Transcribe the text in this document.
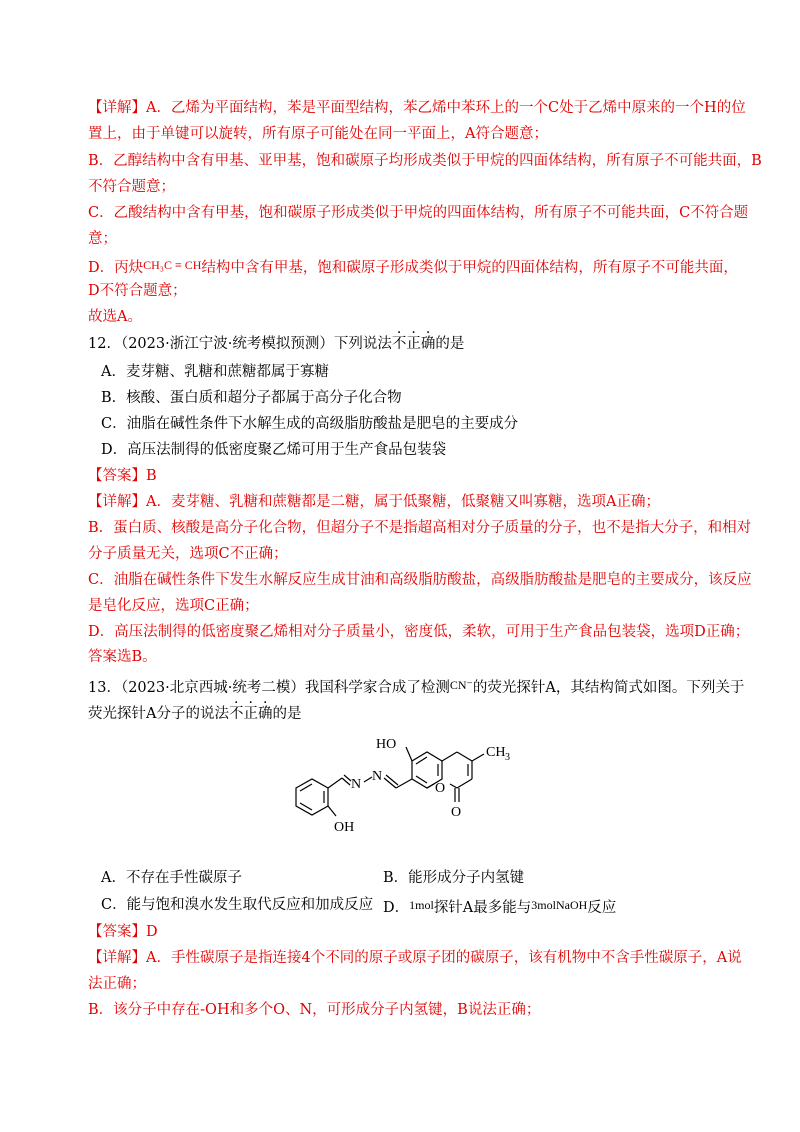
【详解】A．乙烯为平面结构，苯是平面型结构，苯乙烯中苯环上的一个C处于乙烯中原来的一个H的位
置上，由于单键可以旋转，所有原子可能处在同一平面上，A符合题意；
B．乙醇结构中含有甲基、亚甲基，饱和碳原子均形成类似于甲烷的四面体结构，所有原子不可能共面，B
不符合题意；
C．乙酸结构中含有甲基，饱和碳原子形成类似于甲烷的四面体结构，所有原子不可能共面，C不符合题
意；
D．丙炔$^{CH_3C \equiv CH}$结构中含有甲基，饱和碳原子形成类似于甲烷的四面体结构，所有原子不可能共面，
D不符合题意；
故选A。
12．（2023·浙江宁波·统考模拟预测）下列说法不正确的是
A．麦芽糖、乳糖和蔗糖都属于寡糖
B．核酸、蛋白质和超分子都属于高分子化合物
C．油脂在碱性条件下水解生成的高级脂肪酸盐是肥皂的主要成分
D．高压法制得的低密度聚乙烯可用于生产食品包装袋
【答案】B
【详解】A．麦芽糖、乳糖和蔗糖都是二糖，属于低聚糖，低聚糖又叫寡糖，选项A正确；
B．蛋白质、核酸是高分子化合物，但超分子不是指超高相对分子质量的分子，也不是指大分子，和相对
分子质量无关，选项C不正确；
C．油脂在碱性条件下发生水解反应生成甘油和高级脂肪酸盐，高级脂肪酸盐是肥皂的主要成分，该反应
是皂化反应，选项C正确；
D．高压法制得的低密度聚乙烯相对分子质量小，密度低，柔软，可用于生产食品包装袋，选项D正确；
答案选B。
13．（2023·北京西城·统考二模）我国科学家合成了检测$^{CN^-}$的荧光探针A，其结构简式如图。下列关于
荧光探针A分子的说法不正确的是
HO
N
N
CH 3
O
O
OH
A．不存在手性碳原子	B．能形成分子内氢键
C．能与饱和溴水发生取代反应和加成反应 D．$^{1mol}$探针A最多能与$^{3molNaOH}$反应
【答案】D
【详解】A．手性碳原子是指连接4个不同的原子或原子团的碳原子，该有机物中不含手性碳原子，A说
法正确；
B．该分子中存在-OH和多个O、N，可形成分子内氢键，B说法正确；
